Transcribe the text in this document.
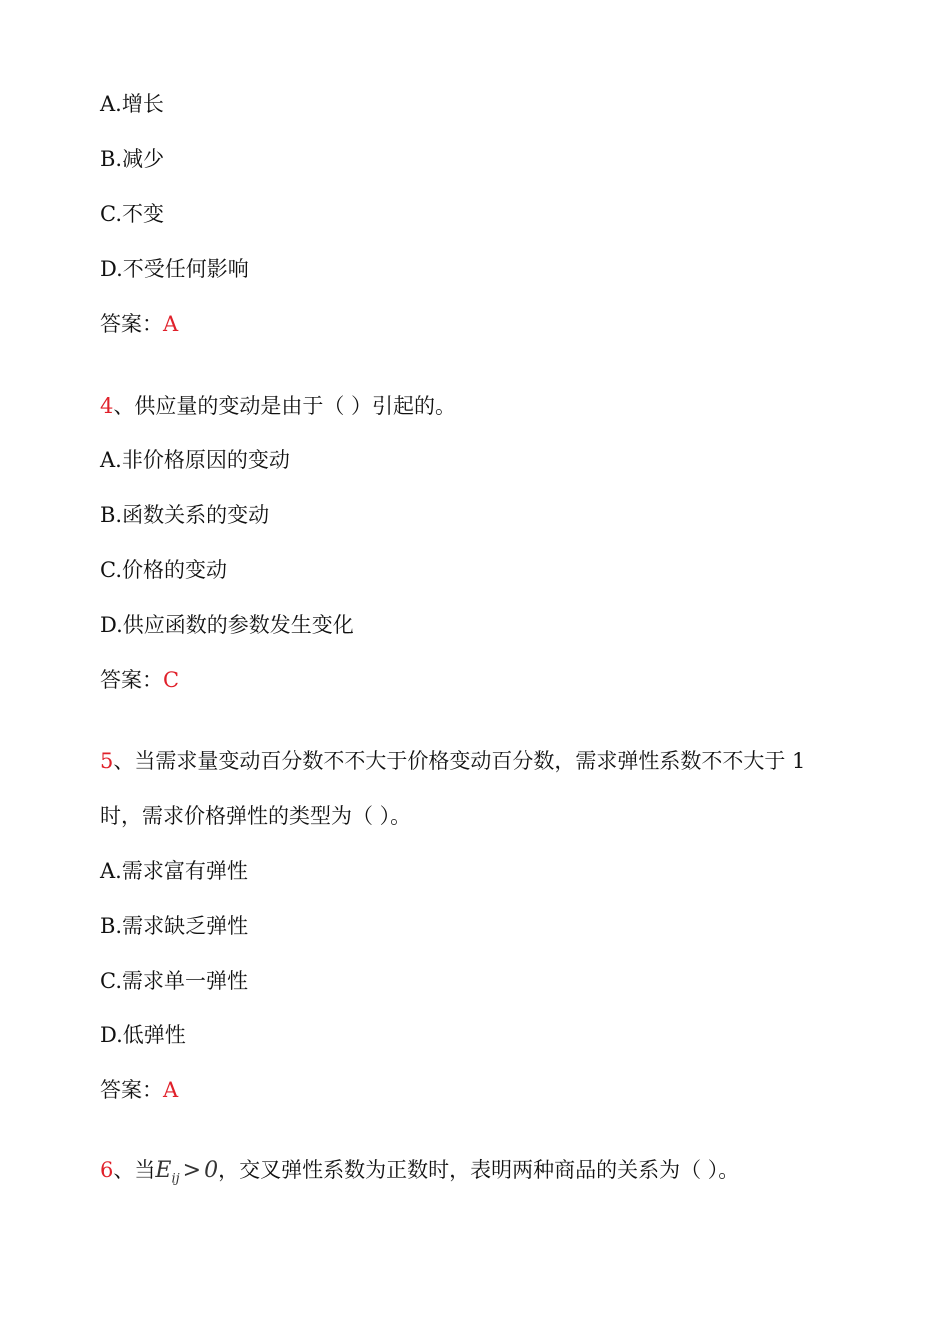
A.增长
B.减少
C.不变
D.不受任何影响
答案：A
4、供应量的变动是由于（ ）引起的。
A.非价格原因的变动
B.函数关系的变动
C.价格的变动
D.供应函数的参数发生变化
答案：C
5、当需求量变动百分数不不大于价格变动百分数，需求弹性系数不不大于 1
时，需求价格弹性的类型为（ ）。
A.需求富有弹性
B.需求缺乏弹性
C.需求单一弹性
D.低弹性
答案：A
6、当$E_{ij} > 0$，交叉弹性系数为正数时，表明两种商品的关系为（ ）。
